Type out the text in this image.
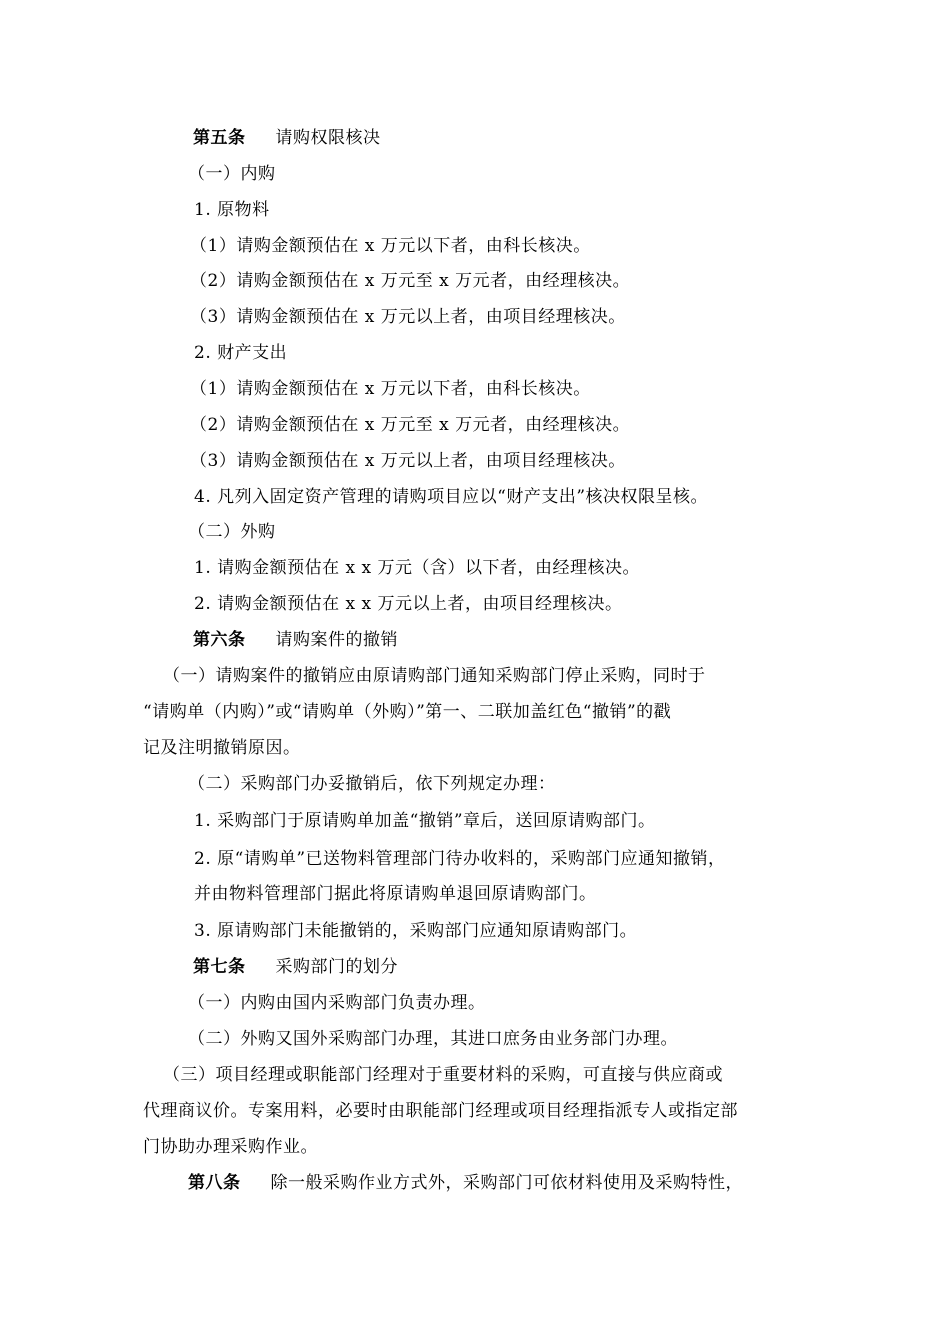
第五条 请购权限核决
（一）内购
1. 原物料
（1）请购金额预估在 x 万元以下者，由科长核决。
（2）请购金额预估在 x 万元至 x 万元者，由经理核决。
（3）请购金额预估在 x 万元以上者，由项目经理核决。
2. 财产支出
（1）请购金额预估在 x 万元以下者，由科长核决。
（2）请购金额预估在 x 万元至 x 万元者，由经理核决。
（3）请购金额预估在 x 万元以上者，由项目经理核决。
4. 凡列入固定资产管理的请购项目应以“财产支出”核决权限呈核。
（二）外购
1. 请购金额预估在 x x 万元（含）以下者，由经理核决。
2. 请购金额预估在 x x 万元以上者，由项目经理核决。
第六条 请购案件的撤销
（一）请购案件的撤销应由原请购部门通知采购部门停止采购，同时于
“请购单（内购）”或“请购单（外购）”第一、二联加盖红色“撤销”的戳
记及注明撤销原因。
（二）采购部门办妥撤销后，依下列规定办理：
1. 采购部门于原请购单加盖“撤销”章后，送回原请购部门。
2. 原“请购单”已送物料管理部门待办收料的，采购部门应通知撤销，
并由物料管理部门据此将原请购单退回原请购部门。
3. 原请购部门未能撤销的，采购部门应通知原请购部门。
第七条 采购部门的划分
（一）内购由国内采购部门负责办理。
（二）外购又国外采购部门办理，其进口庶务由业务部门办理。
（三）项目经理或职能部门经理对于重要材料的采购，可直接与供应商或
代理商议价。专案用料，必要时由职能部门经理或项目经理指派专人或指定部
门协助办理采购作业。
第八条 除一般采购作业方式外，采购部门可依材料使用及采购特性，
